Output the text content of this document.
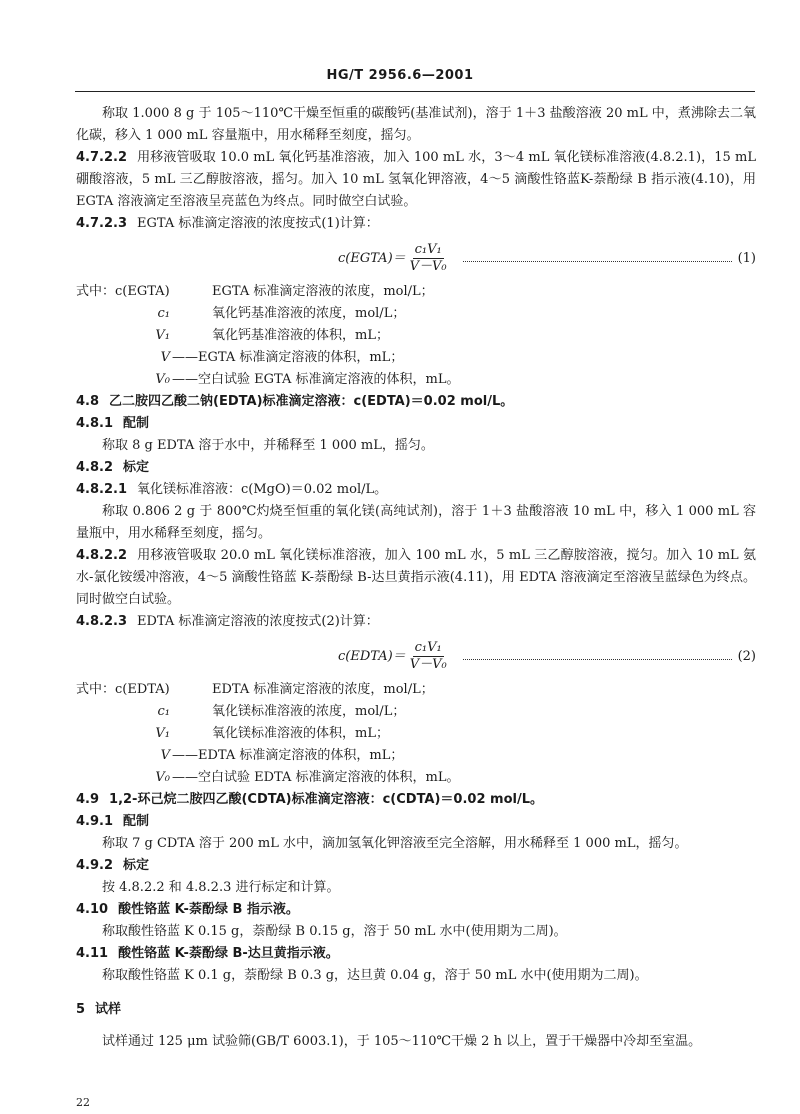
HG/T 2956.6—2001

称取 1.000 8 g 于 105～110℃干燥至恒重的碳酸钙(基准试剂)，溶于 1＋3 盐酸溶液 20 mL 中，煮沸除去二氧化碳，移入 1 000 mL 容量瓶中，用水稀释至刻度，摇匀。

4.7.2.2 用移液管吸取 10.0 mL 氧化钙基准溶液，加入 100 mL 水，3～4 mL 氧化镁标准溶液(4.8.2.1)，15 mL 硼酸溶液，5 mL 三乙醇胺溶液，摇匀。加入 10 mL 氢氧化钾溶液，4～5 滴酸性铬蓝K-萘酚绿 B 指示液(4.10)，用 EGTA 溶液滴定至溶液呈亮蓝色为终点。同时做空白试验。

4.7.2.3 EGTA 标准滴定溶液的浓度按式(1)计算：

c(EGTA)＝ $\frac{\text{c₁V₁}}{\text{V－V₀}}$	(1)
式中：c(EGTA)	EGTA 标准滴定溶液的浓度，mol/L；
c₁	氧化钙基准溶液的浓度，mol/L；
V₁	氧化钙基准溶液的体积，mL；
V ——EGTA 标准滴定溶液的体积，mL；
V₀ ——空白试验 EGTA 标准滴定溶液的体积，mL。

4.8 乙二胺四乙酸二钠(EDTA)标准滴定溶液：c(EDTA)＝0.02 mol/L。

4.8.1 配制

称取 8 g EDTA 溶于水中，并稀释至 1 000 mL，摇匀。

4.8.2 标定

4.8.2.1 氧化镁标准溶液：c(MgO)＝0.02 mol/L。

称取 0.806 2 g 于 800℃灼烧至恒重的氧化镁(高纯试剂)，溶于 1＋3 盐酸溶液 10 mL 中，移入 1 000 mL 容量瓶中，用水稀释至刻度，摇匀。

4.8.2.2 用移液管吸取 20.0 mL 氧化镁标准溶液，加入 100 mL 水，5 mL 三乙醇胺溶液，搅匀。加入 10 mL 氨水-氯化铵缓冲溶液，4～5 滴酸性铬蓝 K-萘酚绿 B-达旦黄指示液(4.11)，用 EDTA 溶液滴定至溶液呈蓝绿色为终点。同时做空白试验。

4.8.2.3 EDTA 标准滴定溶液的浓度按式(2)计算：

c(EDTA)＝ $\frac{\text{c₁V₁}}{\text{V－V₀}}$	(2)
式中：c(EDTA)	EDTA 标准滴定溶液的浓度，mol/L；
c₁	氧化镁标准溶液的浓度，mol/L；
V₁	氧化镁标准溶液的体积，mL；
V ——EDTA 标准滴定溶液的体积，mL；
V₀ ——空白试验 EDTA 标准滴定溶液的体积，mL。

4.9 1,2-环己烷二胺四乙酸(CDTA)标准滴定溶液：c(CDTA)＝0.02 mol/L。

4.9.1 配制

称取 7 g CDTA 溶于 200 mL 水中，滴加氢氧化钾溶液至完全溶解，用水稀释至 1 000 mL，摇匀。

4.9.2 标定

按 4.8.2.2 和 4.8.2.3 进行标定和计算。

4.10 酸性铬蓝 K-萘酚绿 B 指示液。

称取酸性铬蓝 K 0.15 g，萘酚绿 B 0.15 g，溶于 50 mL 水中(使用期为二周)。

4.11 酸性铬蓝 K-萘酚绿 B-达旦黄指示液。

称取酸性铬蓝 K 0.1 g，萘酚绿 B 0.3 g，达旦黄 0.04 g，溶于 50 mL 水中(使用期为二周)。

5 试样

试样通过 125 μm 试验筛(GB/T 6003.1)，于 105～110℃干燥 2 h 以上，置于干燥器中冷却至室温。

22
